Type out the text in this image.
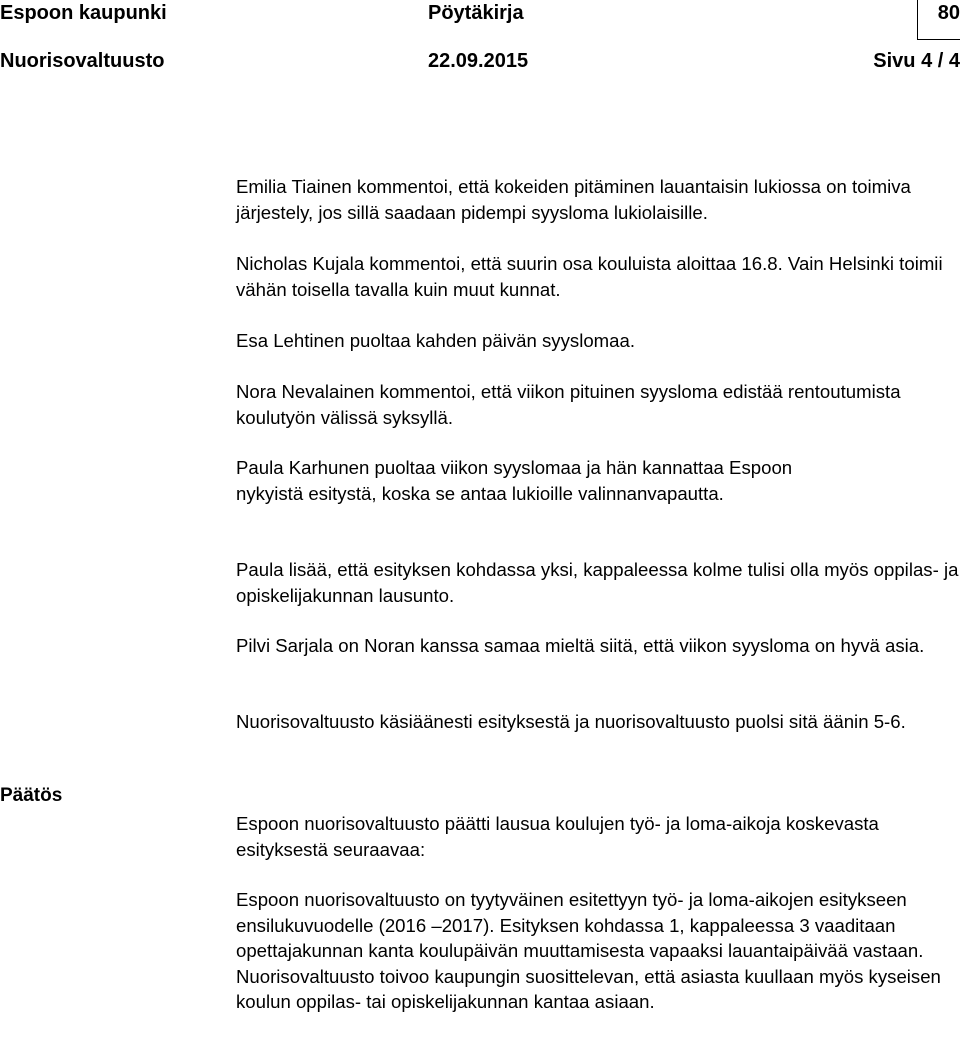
Espoon kaupunki	Pöytäkirja	80
Nuorisovaltuusto	22.09.2015	Sivu 4 / 4

Emilia Tiainen kommentoi, että kokeiden pitäminen lauantaisin lukiossa on toimiva järjestely, jos sillä saadaan pidempi syysloma lukiolaisille.

Nicholas Kujala kommentoi, että suurin osa kouluista aloittaa 16.8. Vain Helsinki toimii vähän toisella tavalla kuin muut kunnat.

Esa Lehtinen puoltaa kahden päivän syyslomaa.

Nora Nevalainen kommentoi, että viikon pituinen syysloma edistää rentoutumista koulutyön välissä syksyllä.

Paula Karhunen puoltaa viikon syyslomaa ja hän kannattaa Espoon nykyistä esitystä, koska se antaa lukioille valinnanvapautta.

Paula lisää, että esityksen kohdassa yksi, kappaleessa kolme tulisi olla myös oppilas- ja opiskelijakunnan lausunto.

Pilvi Sarjala on Noran kanssa samaa mieltä siitä, että viikon syysloma on hyvä asia.

Nuorisovaltuusto käsiäänesti esityksestä ja nuorisovaltuusto puolsi sitä äänin 5-6.

Päätös

Espoon nuorisovaltuusto päätti lausua koulujen työ- ja loma-aikoja koskevasta esityksestä seuraavaa:

Espoon nuorisovaltuusto on tyytyväinen esitettyyn työ- ja loma-aikojen esitykseen ensilukuvuodelle (2016 –2017). Esityksen kohdassa 1, kappaleessa 3 vaaditaan opettajakunnan kanta koulupäivän muuttamisesta vapaaksi lauantaipäivää vastaan. Nuorisovaltuusto toivoo kaupungin suosittelevan, että asiasta kuullaan myös kyseisen koulun oppilas- tai opiskelijakunnan kantaa asiaan.
